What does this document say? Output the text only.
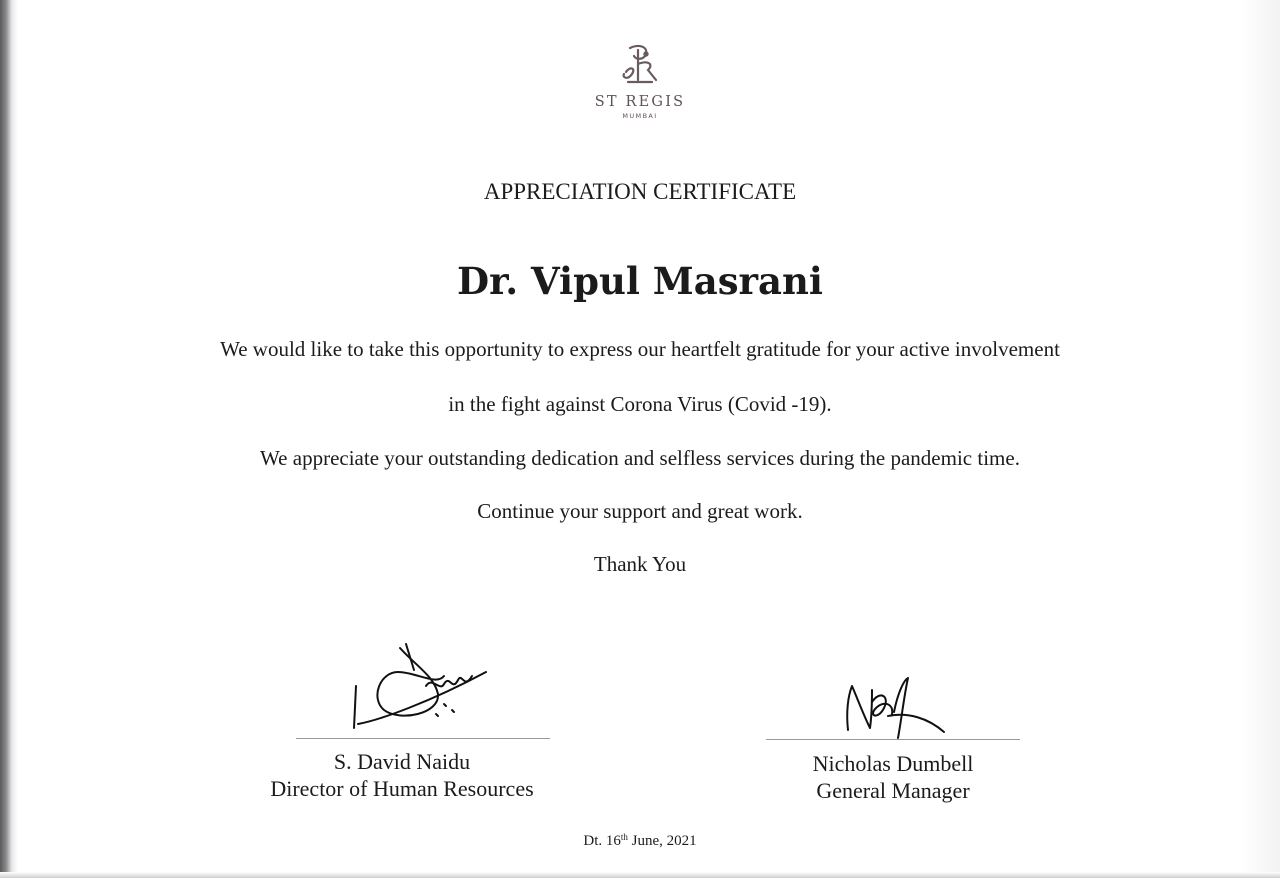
ST REGIS
MUMBAI
APPRECIATION CERTIFICATE
Dr. Vipul Masrani
We would like to take this opportunity to express our heartfelt gratitude for your active involvement
in the fight against Corona Virus (Covid -19).
We appreciate your outstanding dedication and selfless services during the pandemic time.
Continue your support and great work.
Thank You
S. David Naidu
Director of Human Resources
Nicholas Dumbell
General Manager
Dt. 16th June, 2021
